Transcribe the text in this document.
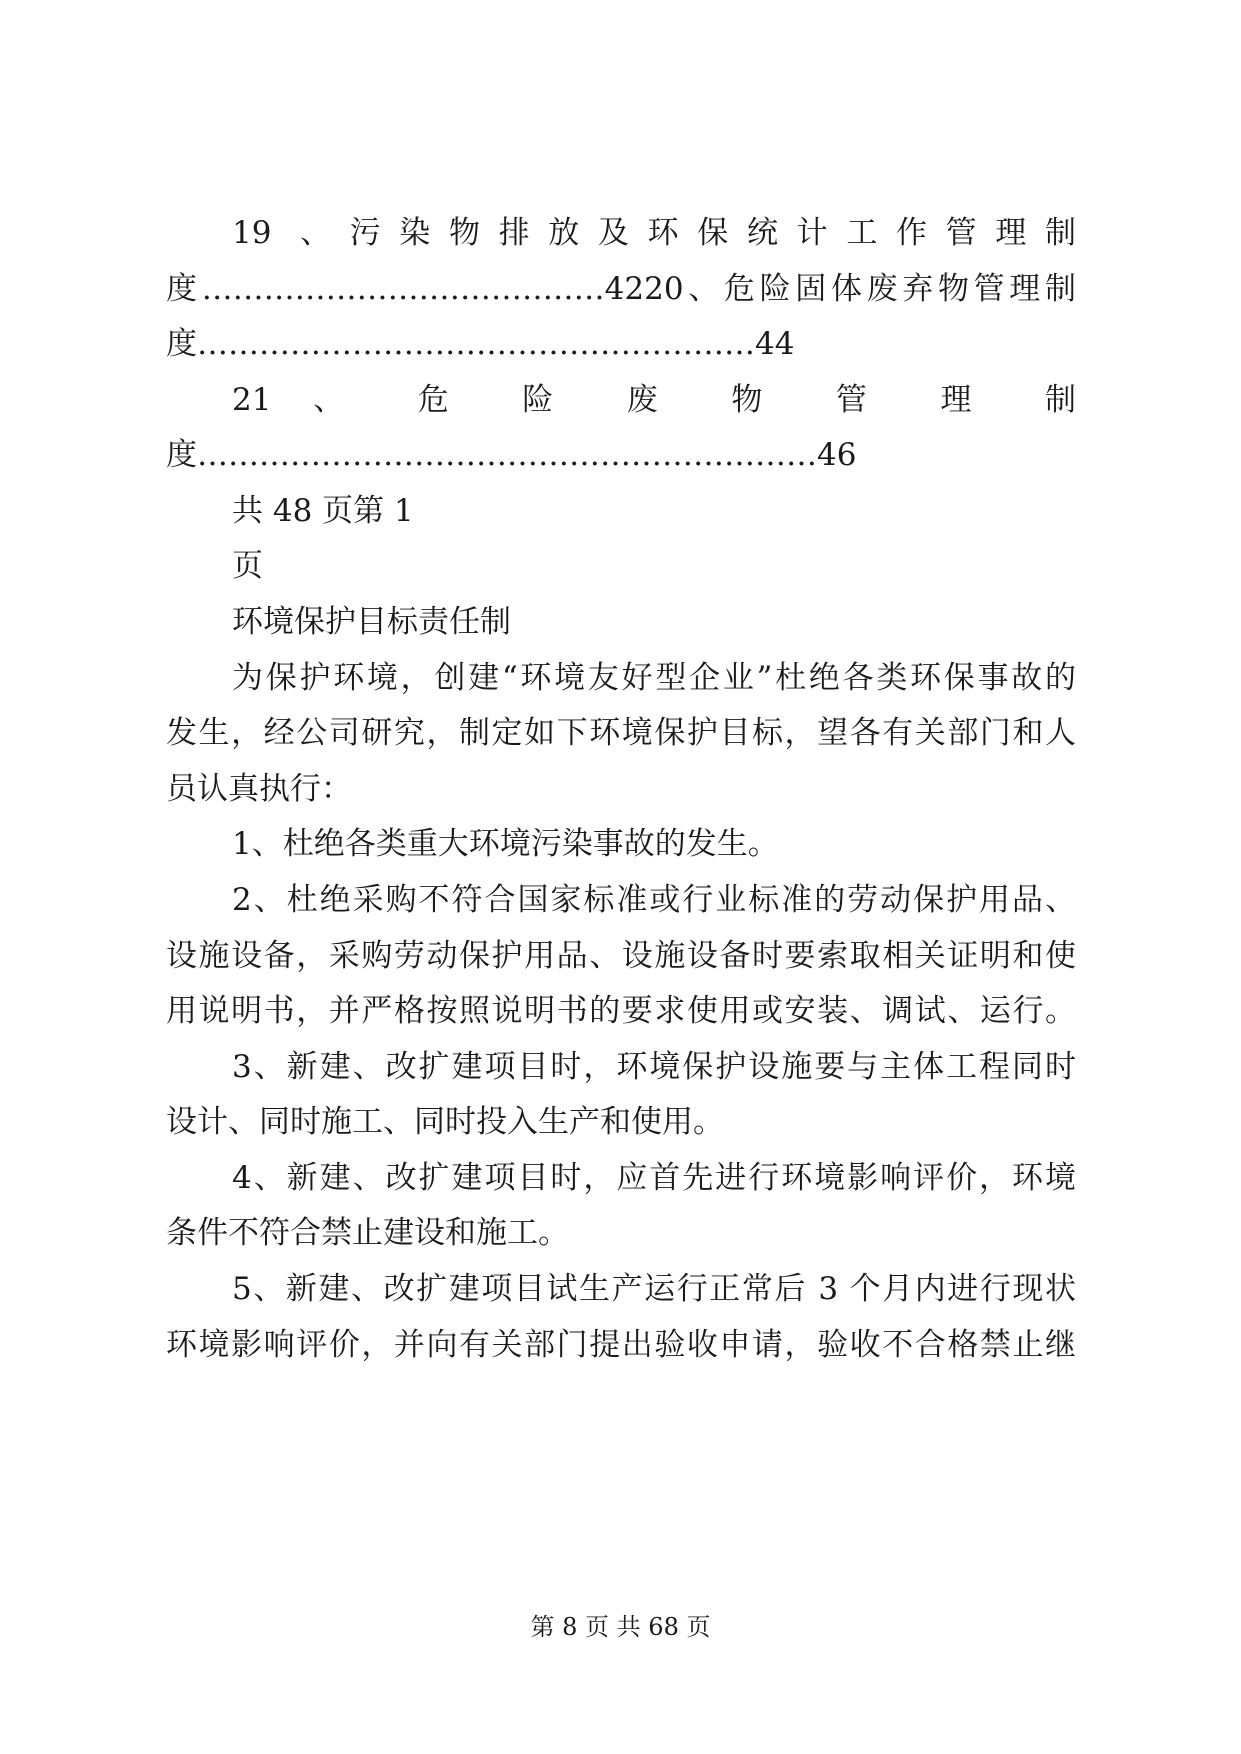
19 、污染物排放及环保统计工作管理制
度…………………………………4220、危险固体废弃物管理制
度………………………………………………44
21 、 危 险 废 物 管 理 制
度……………………………………………………46
共 48 页第 1
页
环境保护目标责任制
为保护环境，创建“环境友好型企业”杜绝各类环保事故的
发生，经公司研究，制定如下环境保护目标，望各有关部门和人
员认真执行：
1、杜绝各类重大环境污染事故的发生。
2、杜绝采购不符合国家标准或行业标准的劳动保护用品、
设施设备，采购劳动保护用品、设施设备时要索取相关证明和使
用说明书，并严格按照说明书的要求使用或安装、调试、运行。
3、新建、改扩建项目时，环境保护设施要与主体工程同时
设计、同时施工、同时投入生产和使用。
4、新建、改扩建项目时，应首先进行环境影响评价，环境
条件不符合禁止建设和施工。
5、新建、改扩建项目试生产运行正常后 3 个月内进行现状
环境影响评价，并向有关部门提出验收申请，验收不合格禁止继
第 8 页 共 68 页
